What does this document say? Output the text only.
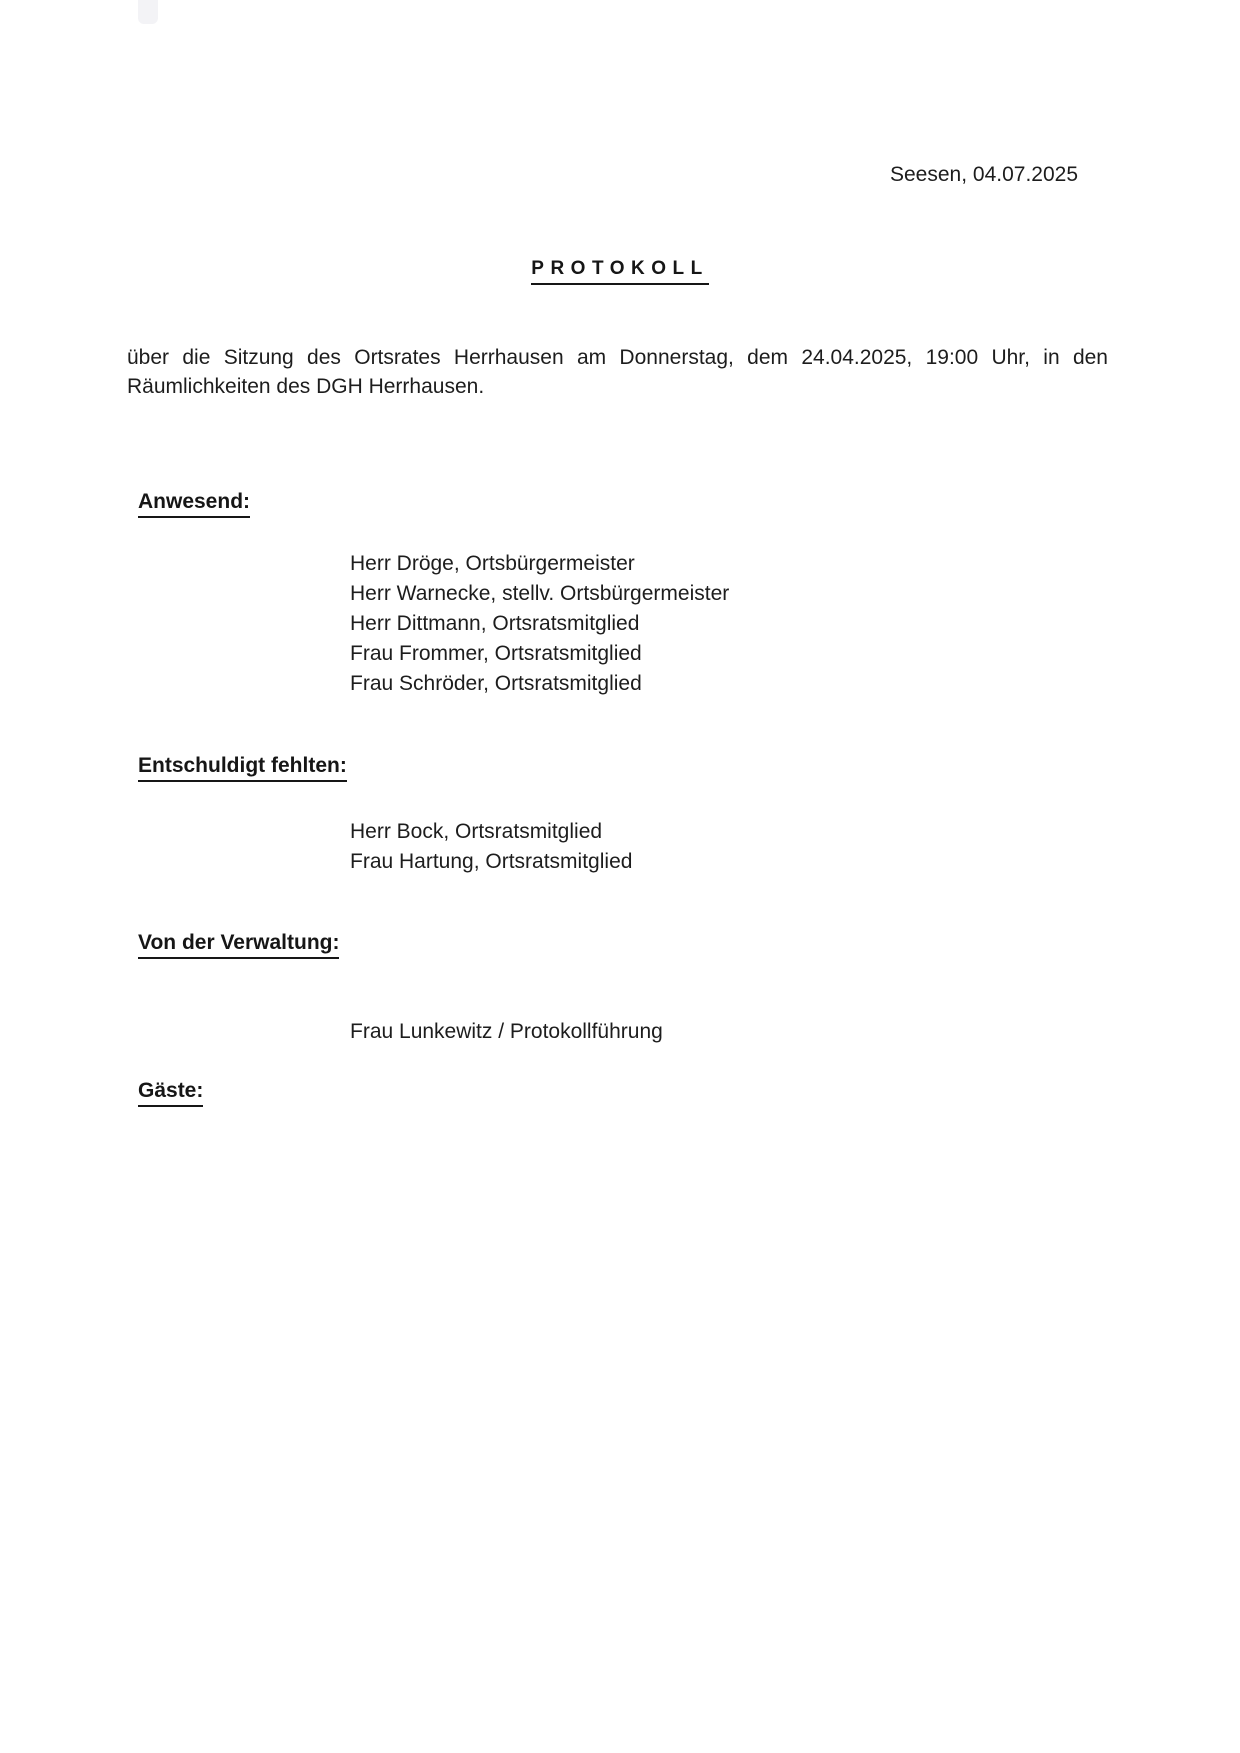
Seesen, 04.07.2025
PROTOKOLL
über die Sitzung des Ortsrates Herrhausen am Donnerstag, dem 24.04.2025, 19:00 Uhr, in den Räumlichkeiten des DGH Herrhausen.
Anwesend:
Herr Dröge, Ortsbürgermeister
Herr Warnecke, stellv. Ortsbürgermeister
Herr Dittmann, Ortsratsmitglied
Frau Frommer, Ortsratsmitglied
Frau Schröder, Ortsratsmitglied
Entschuldigt fehlten:
Herr Bock, Ortsratsmitglied
Frau Hartung, Ortsratsmitglied
Von der Verwaltung:
Frau Lunkewitz / Protokollführung
Gäste:
